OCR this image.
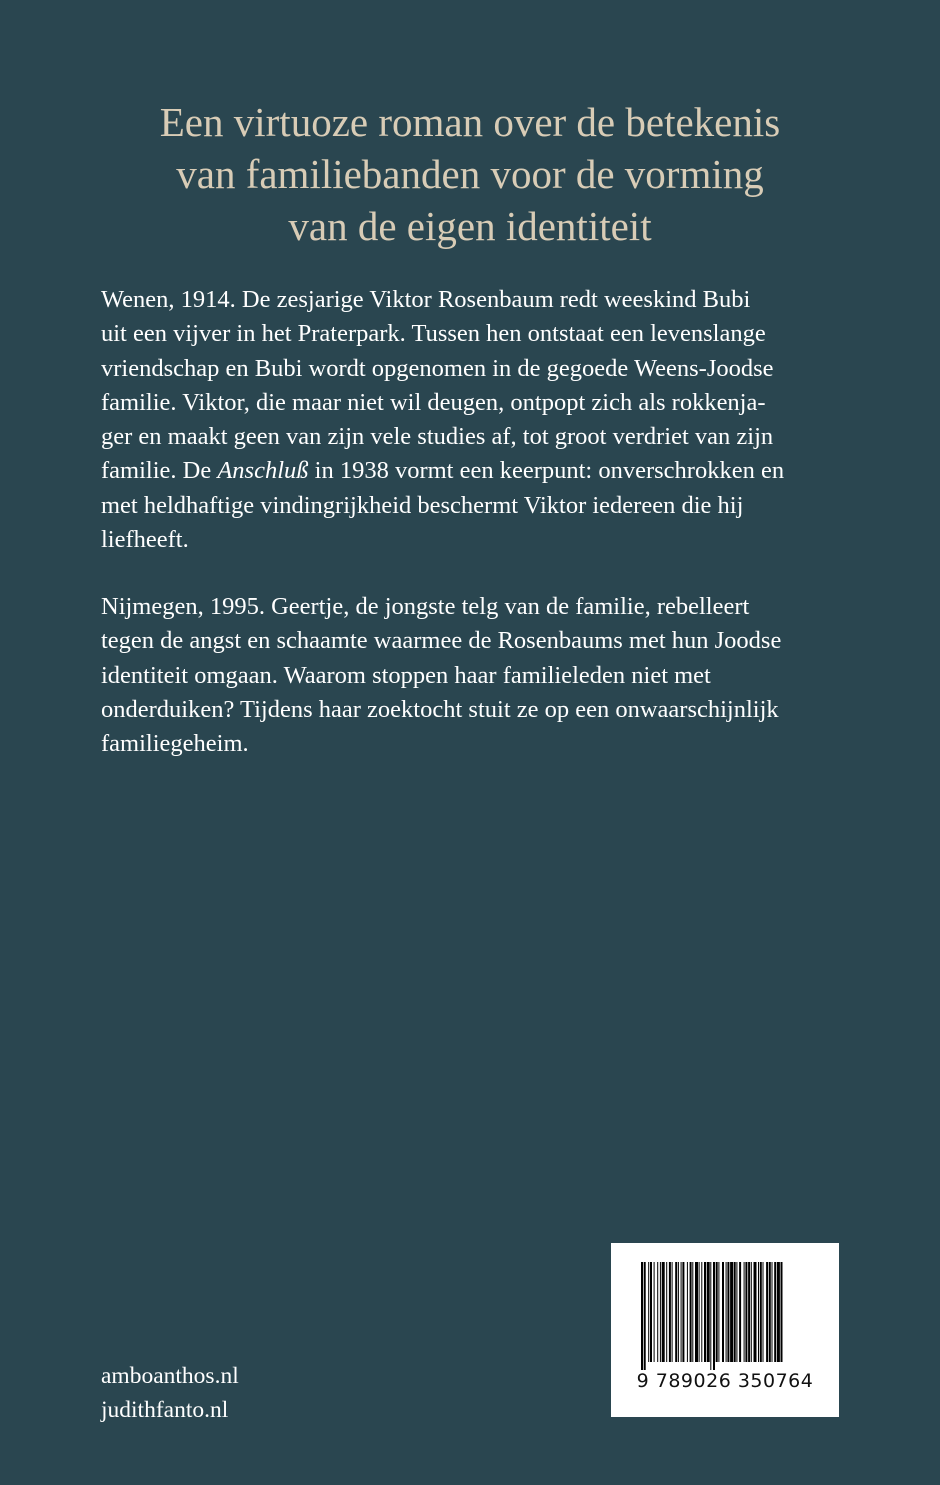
Een virtuoze roman over de betekenis
van familiebanden voor de vorming
van de eigen identiteit
Wenen, 1914. De zesjarige Viktor Rosenbaum redt weeskind Bubi
uit een vijver in het Praterpark. Tussen hen ontstaat een levenslange
vriendschap en Bubi wordt opgenomen in de gegoede Weens-Joodse
familie. Viktor, die maar niet wil deugen, ontpopt zich als rokkenja-
ger en maakt geen van zijn vele studies af, tot groot verdriet van zijn
familie. De Anschluß in 1938 vormt een keerpunt: onverschrokken en
met heldhaftige vindingrijkheid beschermt Viktor iedereen die hij
liefheeft.
Nijmegen, 1995. Geertje, de jongste telg van de familie, rebelleert
tegen de angst en schaamte waarmee de Rosenbaums met hun Joodse
identiteit omgaan. Waarom stoppen haar familieleden niet met
onderduiken? Tijdens haar zoektocht stuit ze op een onwaarschijnlijk
familiegeheim.
amboanthos.nl
judithfanto.nl
9 789026 350764
